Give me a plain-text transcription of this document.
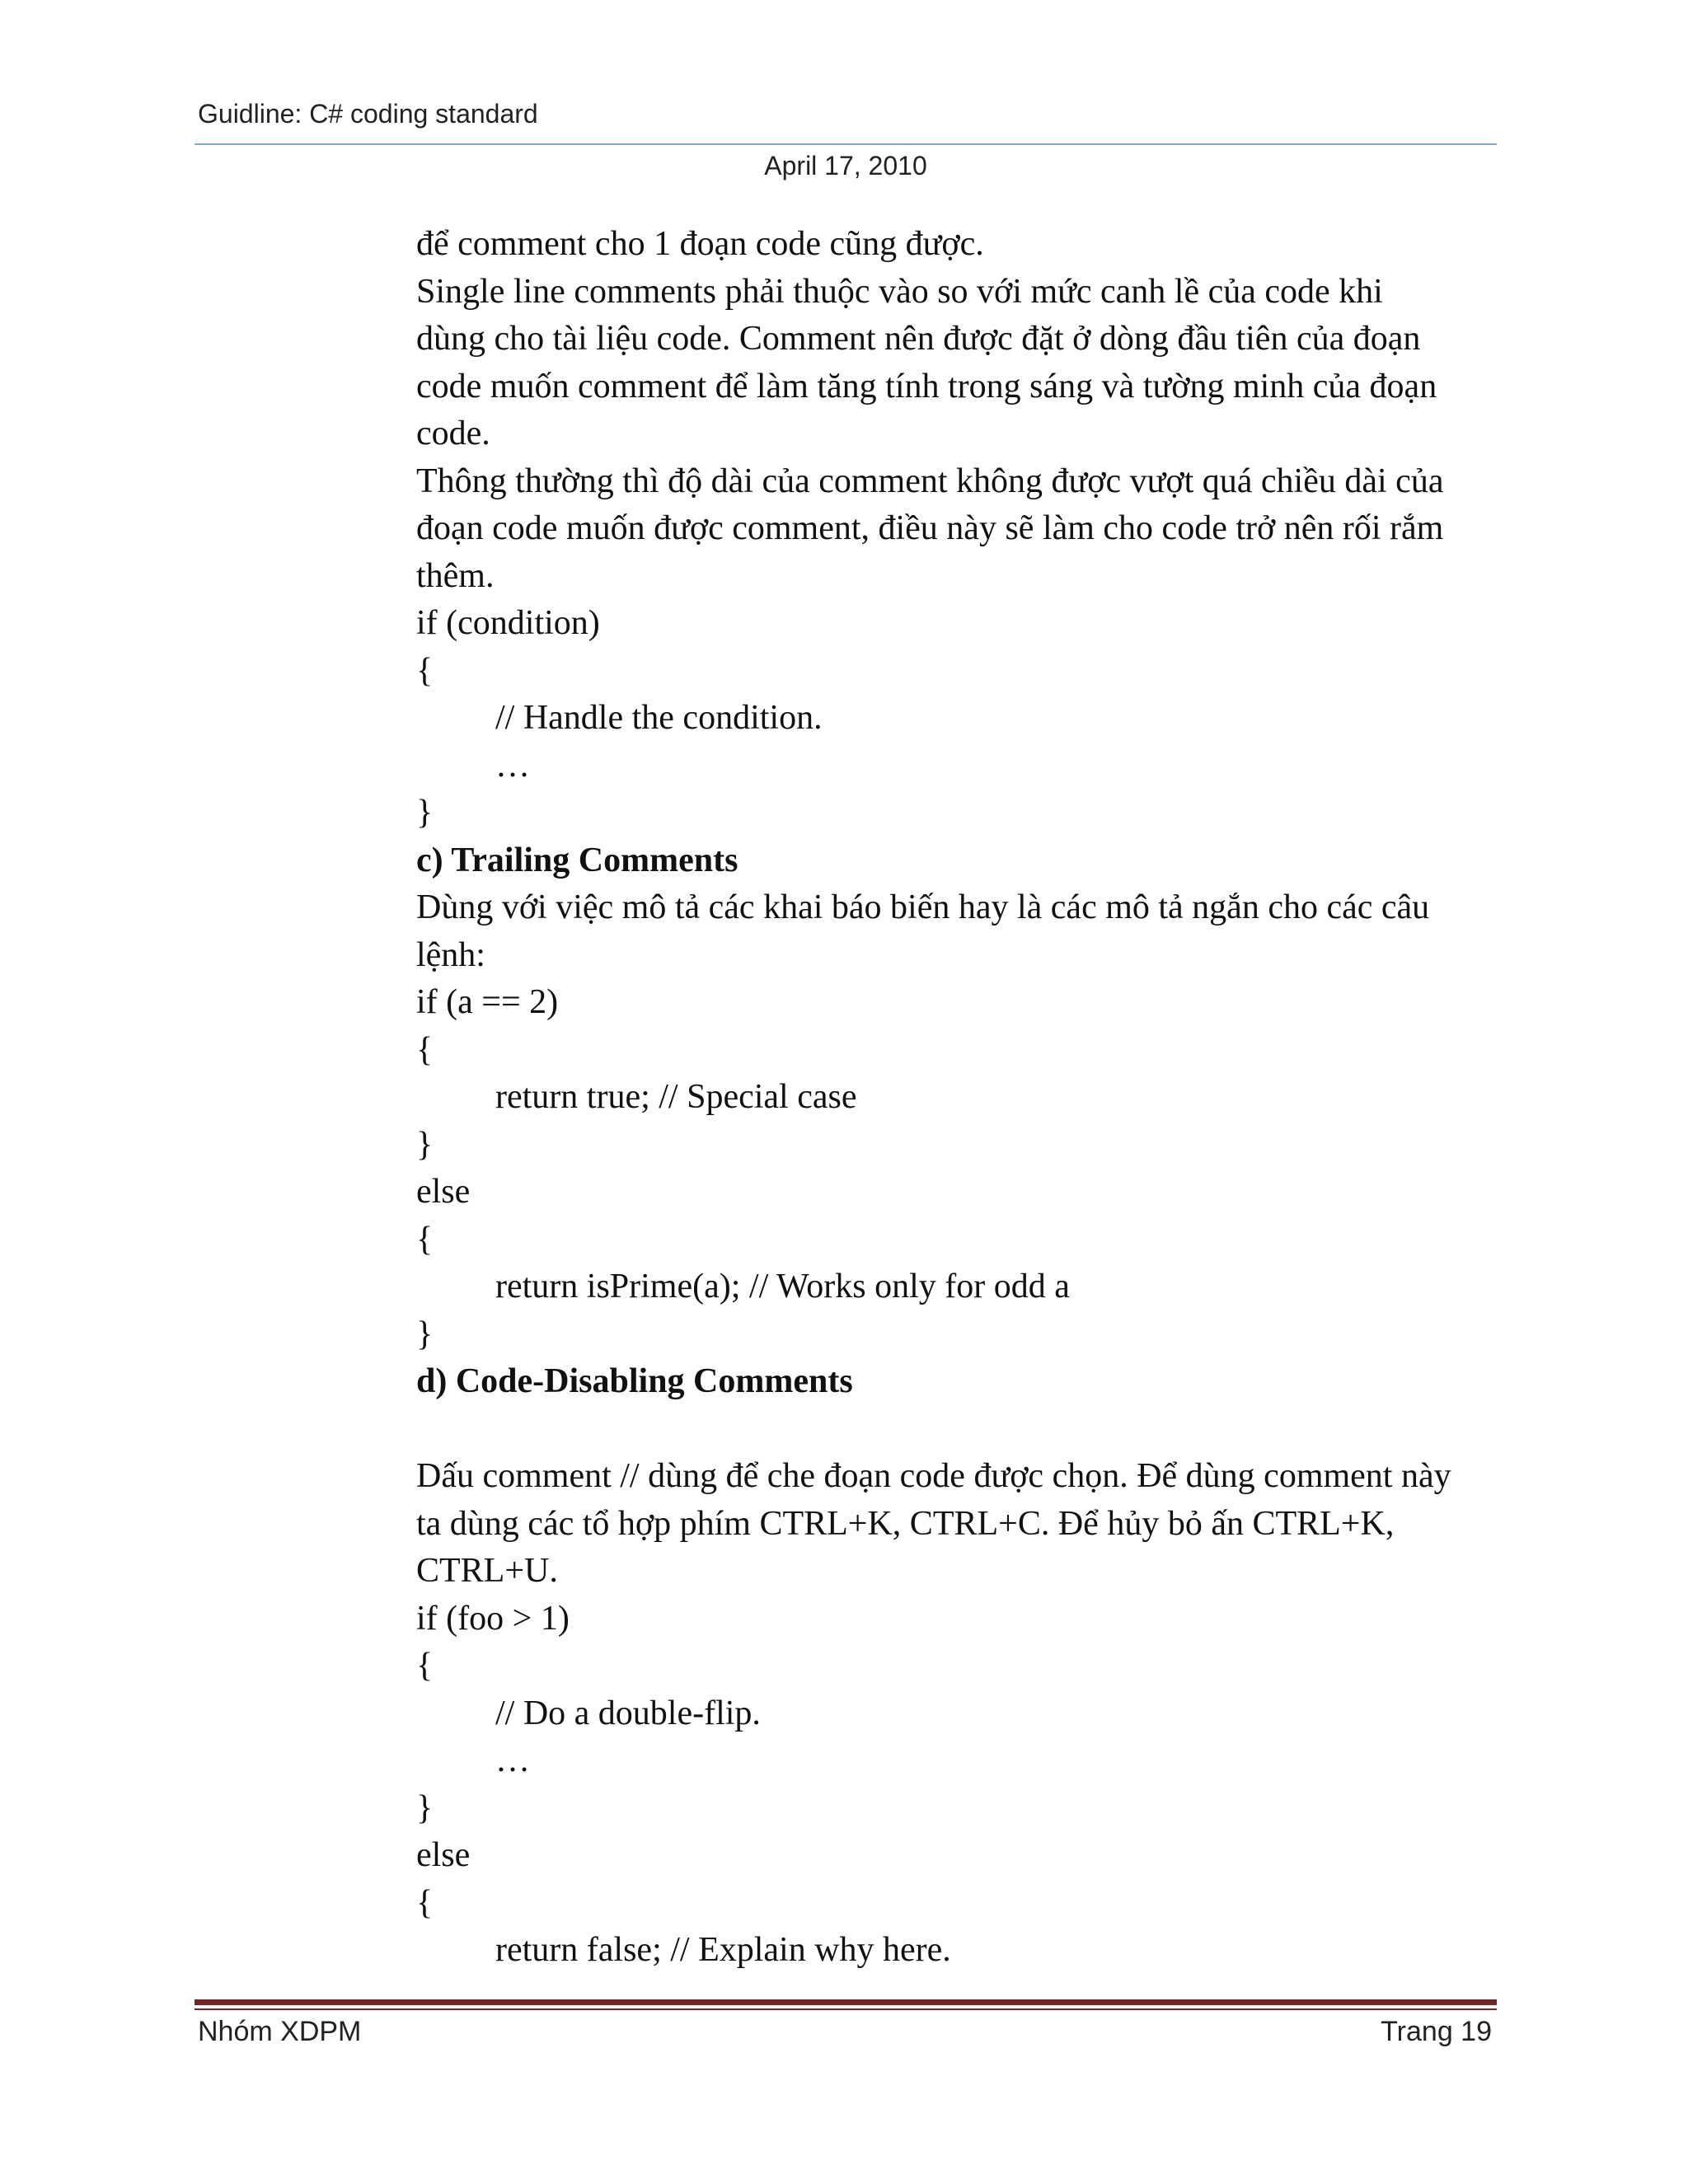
Guidline: C# coding standard
April 17, 2010
để comment cho 1 đoạn code cũng được.
Single line comments phải thuộc vào so với mức canh lề của code khi
dùng cho tài liệu code. Comment nên được đặt ở dòng đầu tiên của đoạn
code muốn comment để làm tăng tính trong sáng và tường minh của đoạn
code.
Thông thường thì độ dài của comment không được vượt quá chiều dài của
đoạn code muốn được comment, điều này sẽ làm cho code trở nên rối rắm
thêm.
if (condition)
{
// Handle the condition.
…
}
c) Trailing Comments
Dùng với việc mô tả các khai báo biến hay là các mô tả ngắn cho các câu
lệnh:
if (a == 2)
{
return true; // Special case
}
else
{
return isPrime(a); // Works only for odd a
}
d) Code-Disabling Comments
Dấu comment // dùng để che đoạn code được chọn. Để dùng comment này
ta dùng các tổ hợp phím CTRL+K, CTRL+C. Để hủy bỏ ấn CTRL+K,
CTRL+U.
if (foo > 1)
{
// Do a double-flip.
…
}
else
{
return false; // Explain why here.
Nhóm XDPM	Trang 19
